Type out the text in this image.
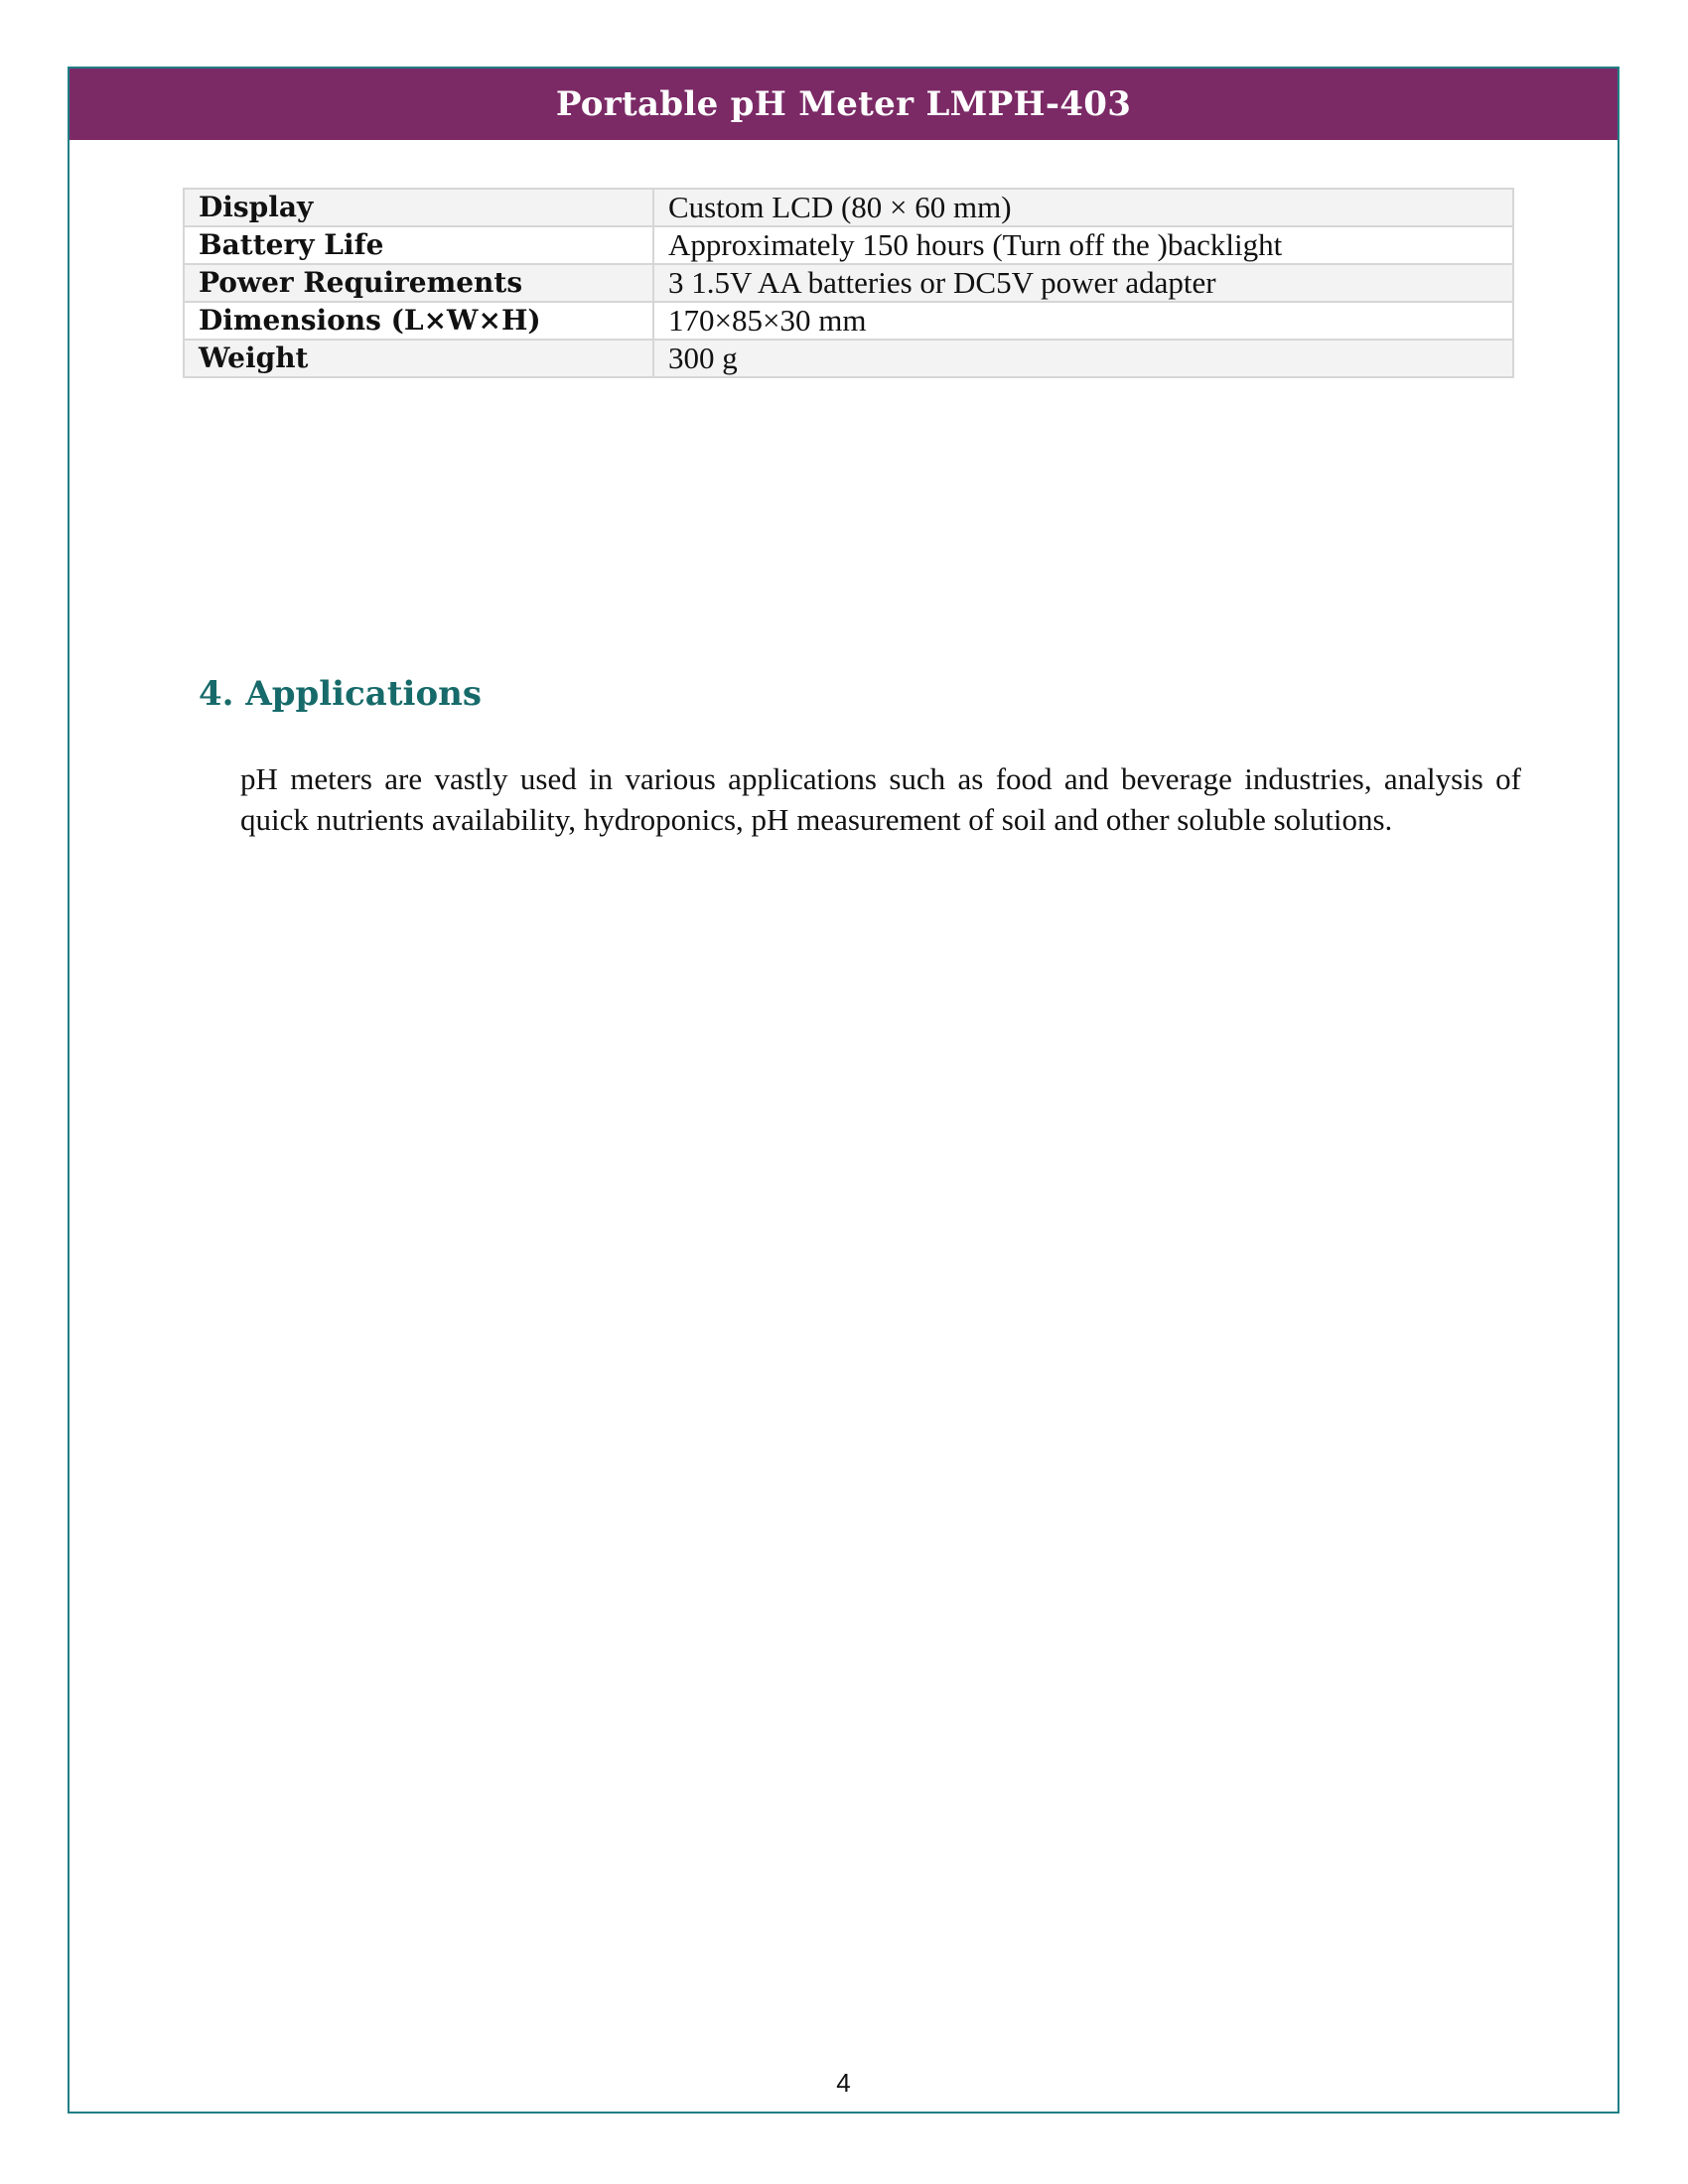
Portable pH Meter LMPH-403
Display	Custom LCD (80 × 60 mm)
Battery Life	Approximately 150 hours (Turn off the )backlight
Power Requirements	3 1.5V AA batteries or DC5V power adapter
Dimensions (L×W×H)	170×85×30 mm
Weight	300 g
4. Applications

pH meters are vastly used in various applications such as food and beverage industries, analysis of quick nutrients availability, hydroponics, pH measurement of soil and other soluble solutions.

4
